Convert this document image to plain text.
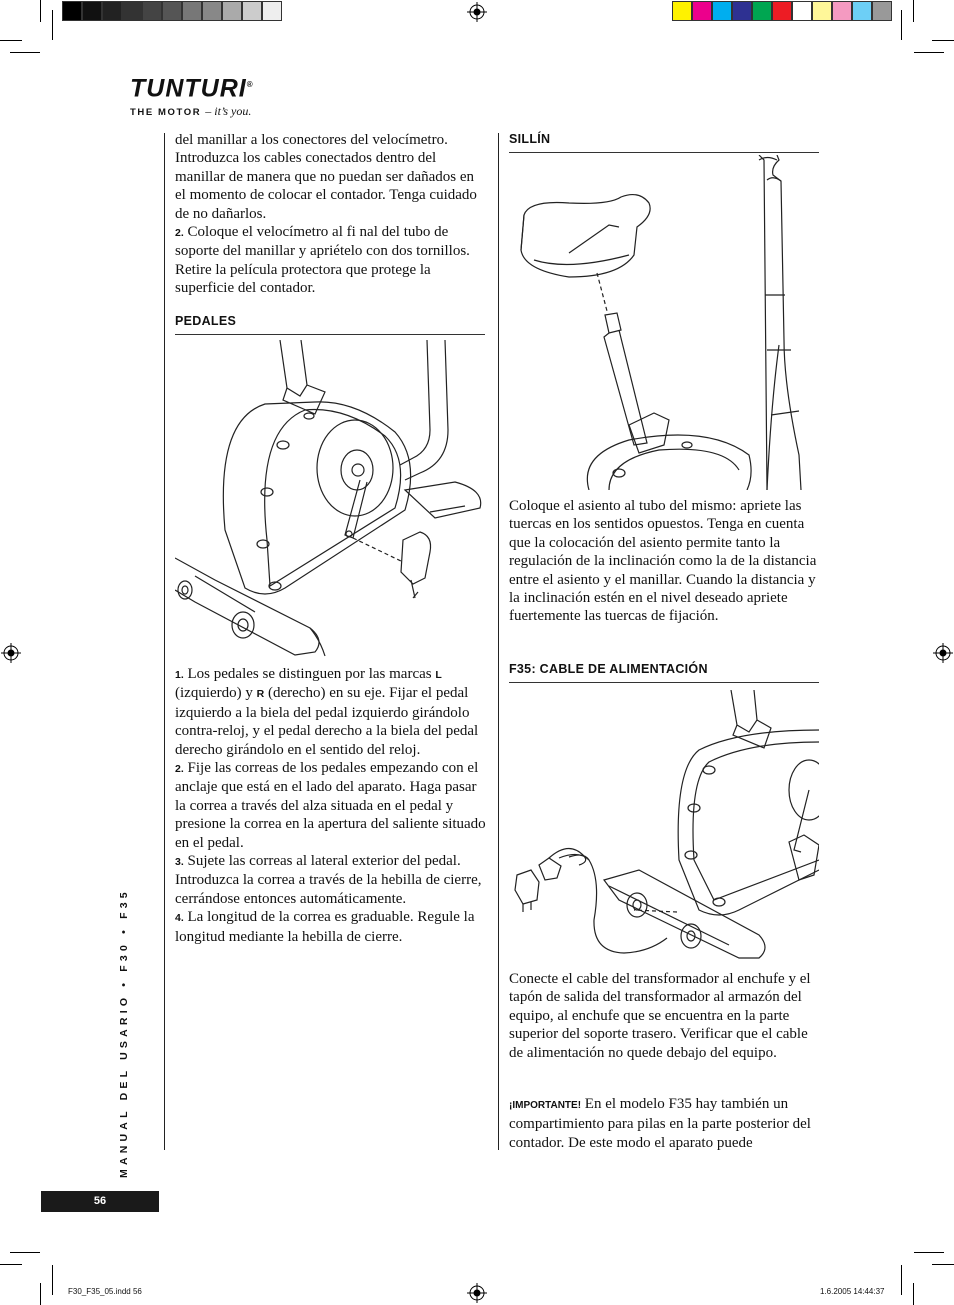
TUNTURI®
THE MOTOR – it’s you.

del manillar a los conectores del velocímetro. Introduzca los cables conectados dentro del manillar de manera que no puedan ser dañados en el momento de colocar el contador. Tenga cuidado de no dañarlos.

2. Coloque el velocímetro al fi nal del tubo de soporte del manillar y apriételo con dos tornillos. Retire la película protectora que protege la superficie del contador.

PEDALES

1. Los pedales se distinguen por las marcas L (izquierdo) y R (derecho) en su eje. Fijar el pedal izquierdo a la biela del pedal izquierdo girándolo contra-reloj, y el pedal derecho a la biela del pedal derecho girándolo en el sentido del reloj.

2. Fije las correas de los pedales empezando con el anclaje que está en el lado del aparato. Haga pasar la correa a través del alza situada en el pedal y presione la correa en la apertura del saliente situado en el pedal.

3. Sujete las correas al lateral exterior del pedal. Introduzca la correa a través de la hebilla de cierre, cerrándose entonces automáticamente.

4. La longitud de la correa es graduable. Regule la longitud mediante la hebilla de cierre.

SILLÍN
Coloque el asiento al tubo del mismo: apriete las tuercas en los sentidos opuestos. Tenga en cuenta que la colocación del asiento permite tanto la regulación de la inclinación como la de la distancia entre el asiento y el manillar. Cuando la distancia y la inclinación estén en el nivel deseado apriete fuertemente las tuercas de fijación.
F35: CABLE DE ALIMENTACIÓN
Conecte el cable del transformador al enchufe y el tapón de salida del transformador al armazón del equipo, al enchufe que se encuentra en la parte superior del soporte trasero. Verificar que el cable de alimentación no quede debajo del equipo.
¡IMPORTANTE! En el modelo F35 hay también un compartimiento para pilas en la parte posterior del contador. De este modo el aparato puede
MANUAL DEL USARIO • F30 • F35
56
F30_F35_05.indd 56	1.6.2005 14:44:37
